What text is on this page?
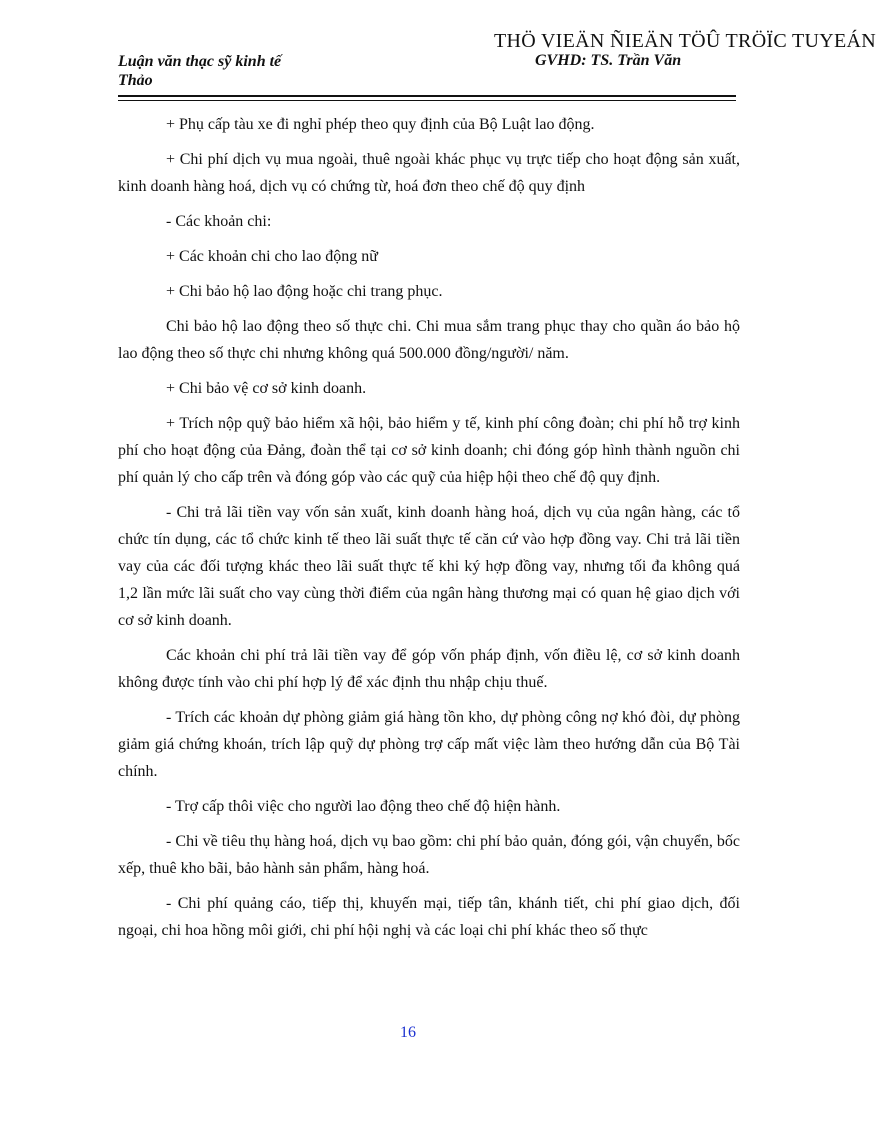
THÖ VIEÄN ÑIEÄN TÖÛ TRÖÏC TUYEÁN
Luận văn thạc sỹ kinh tế
Thảo
GVHD: TS. Trần Văn

+ Phụ cấp tàu xe đi nghỉ phép theo quy định của Bộ Luật lao động.

+ Chi phí dịch vụ mua ngoài, thuê ngoài khác phục vụ trực tiếp cho hoạt động sản xuất, kinh doanh hàng hoá, dịch vụ có chứng từ, hoá đơn theo chế độ quy định

- Các khoản chi:

+ Các khoản chi cho lao động nữ

+ Chi bảo hộ lao động hoặc chi trang phục.

Chi bảo hộ lao động theo số thực chi. Chi mua sắm trang phục thay cho quần áo bảo hộ lao động theo số thực chi nhưng không quá 500.000 đồng/người/ năm.

+ Chi bảo vệ cơ sở kinh doanh.

+ Trích nộp quỹ bảo hiểm xã hội, bảo hiểm y tế, kinh phí công đoàn; chi phí hỗ trợ kinh phí cho hoạt động của Đảng, đoàn thể tại cơ sở kinh doanh; chi đóng góp hình thành nguồn chi phí quản lý cho cấp trên và đóng góp vào các quỹ của hiệp hội theo chế độ quy định.

- Chi trả lãi tiền vay vốn sản xuất, kinh doanh hàng hoá, dịch vụ của ngân hàng, các tổ chức tín dụng, các tổ chức kinh tế theo lãi suất thực tế căn cứ vào hợp đồng vay. Chi trả lãi tiền vay của các đối tượng khác theo lãi suất thực tế khi ký hợp đồng vay, nhưng tối đa không quá 1,2 lần mức lãi suất cho vay cùng thời điểm của ngân hàng thương mại có quan hệ giao dịch với cơ sở kinh doanh.

Các khoản chi phí trả lãi tiền vay để góp vốn pháp định, vốn điều lệ, cơ sở kinh doanh không được tính vào chi phí hợp lý để xác định thu nhập chịu thuế.

- Trích các khoản dự phòng giảm giá hàng tồn kho, dự phòng công nợ khó đòi, dự phòng giảm giá chứng khoán, trích lập quỹ dự phòng trợ cấp mất việc làm theo hướng dẫn của Bộ Tài chính.

- Trợ cấp thôi việc cho người lao động theo chế độ hiện hành.

- Chi về tiêu thụ hàng hoá, dịch vụ bao gồm: chi phí bảo quản, đóng gói, vận chuyển, bốc xếp, thuê kho bãi, bảo hành sản phẩm, hàng hoá.

- Chi phí quảng cáo, tiếp thị, khuyến mại, tiếp tân, khánh tiết, chi phí giao dịch, đối ngoại, chi hoa hồng môi giới, chi phí hội nghị và các loại chi phí khác theo số thực

16
